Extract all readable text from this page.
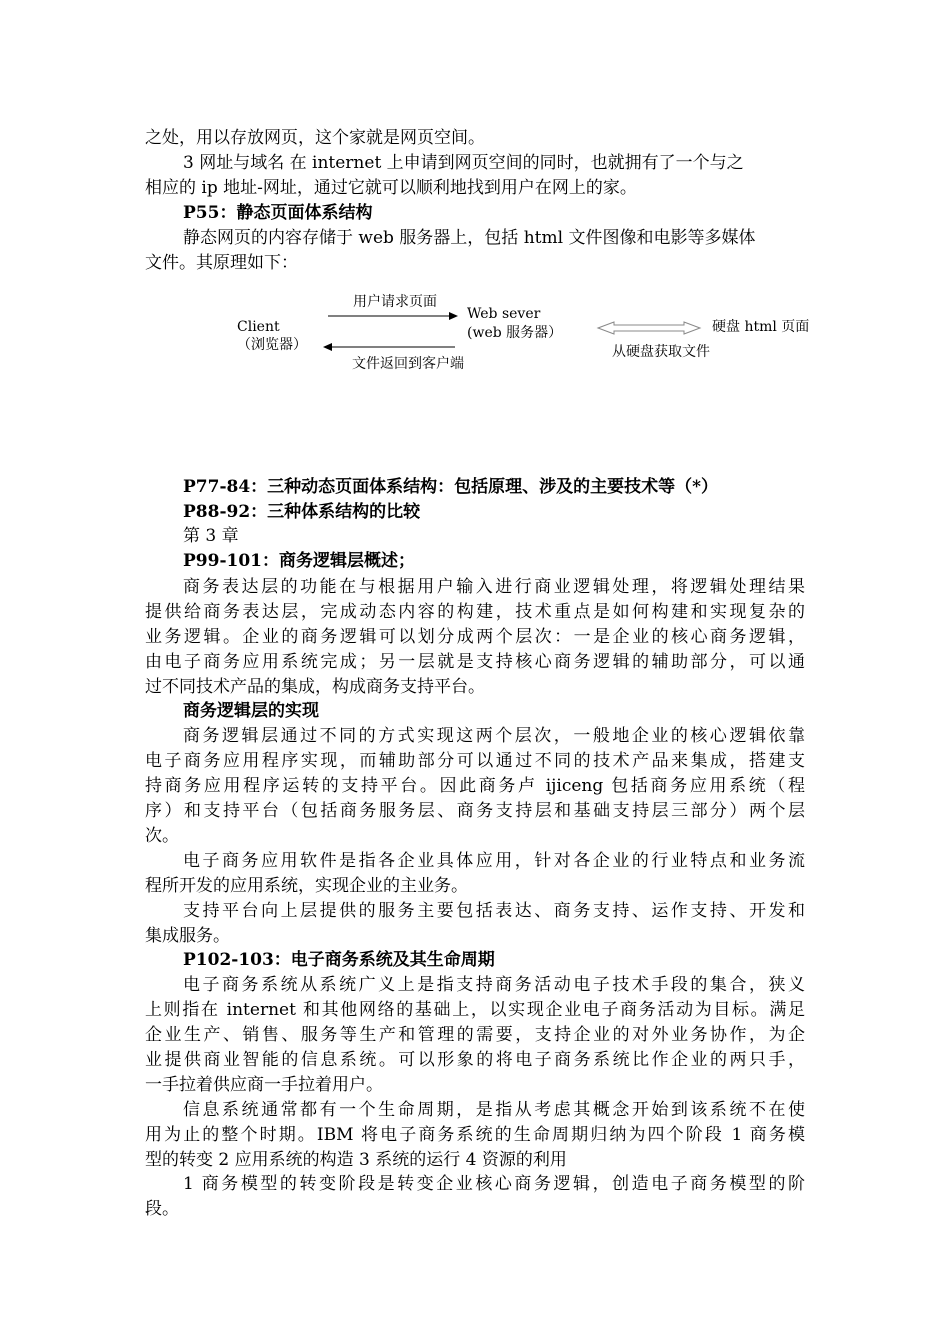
之处，用以存放网页，这个家就是网页空间。
3 网址与域名 在 internet 上申请到网页空间的同时，也就拥有了一个与之
相应的 ip 地址-网址，通过它就可以顺利地找到用户在网上的家。
P55：静态页面体系结构
静态网页的内容存储于 web 服务器上，包括 html 文件图像和电影等多媒体
文件。其原理如下：
用户请求页面
Client
（浏览器）
Web sever
(web 服务器）	硬盘 html 页面
从硬盘获取文件
文件返回到客户端
P77-84：三种动态页面体系结构：包括原理、涉及的主要技术等（*）
P88-92：三种体系结构的比较
第 3 章
P99-101：商务逻辑层概述；
商务表达层的功能在与根据用户输入进行商业逻辑处理，将逻辑处理结果
提供给商务表达层，完成动态内容的构建，技术重点是如何构建和实现复杂的
业务逻辑。企业的商务逻辑可以划分成两个层次：一是企业的核心商务逻辑，
由电子商务应用系统完成；另一层就是支持核心商务逻辑的辅助部分，可以通
过不同技术产品的集成，构成商务支持平台。
商务逻辑层的实现
商务逻辑层通过不同的方式实现这两个层次，一般地企业的核心逻辑依靠
电子商务应用程序实现，而辅助部分可以通过不同的技术产品来集成，搭建支
持商务应用程序运转的支持平台。因此商务卢 ijiceng 包括商务应用系统（程
序）和支持平台（包括商务服务层、商务支持层和基础支持层三部分）两个层
次。
电子商务应用软件是指各企业具体应用，针对各企业的行业特点和业务流
程所开发的应用系统，实现企业的主业务。
支持平台向上层提供的服务主要包括表达、商务支持、运作支持、开发和
集成服务。
P102-103：电子商务系统及其生命周期
电子商务系统从系统广义上是指支持商务活动电子技术手段的集合，狭义
上则指在 internet 和其他网络的基础上，以实现企业电子商务活动为目标。满足
企业生产、销售、服务等生产和管理的需要，支持企业的对外业务协作，为企
业提供商业智能的信息系统。可以形象的将电子商务系统比作企业的两只手，
一手拉着供应商一手拉着用户。
信息系统通常都有一个生命周期，是指从考虑其概念开始到该系统不在使
用为止的整个时期。IBM 将电子商务系统的生命周期归纳为四个阶段 1 商务模
型的转变 2 应用系统的构造 3 系统的运行 4 资源的利用
1 商务模型的转变阶段是转变企业核心商务逻辑，创造电子商务模型的阶
段。
